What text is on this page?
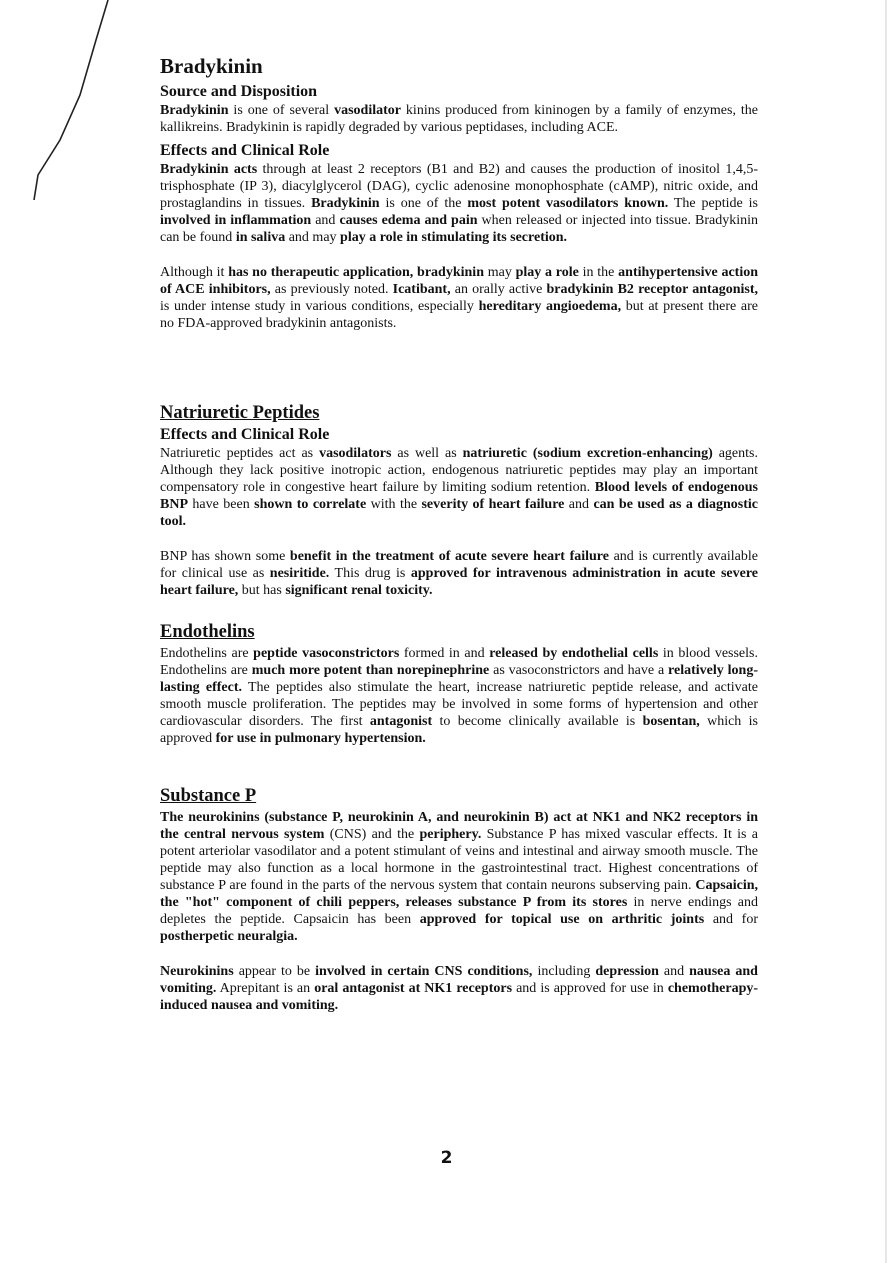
Bradykinin
Source and Disposition

Bradykinin is one of several vasodilator kinins produced from kininogen by a family of enzymes, the kallikreins. Bradykinin is rapidly degraded by various peptidases, including ACE.

Effects and Clinical Role

Bradykinin acts through at least 2 receptors (B1 and B2) and causes the production of inositol 1,4,5-trisphosphate (IP 3), diacylglycerol (DAG), cyclic adenosine monophosphate (cAMP), nitric oxide, and prostaglandins in tissues. Bradykinin is one of the most potent vasodilators known. The peptide is involved in inflammation and causes edema and pain when released or injected into tissue. Bradykinin can be found in saliva and may play a role in stimulating its secretion.

Although it has no therapeutic application, bradykinin may play a role in the antihypertensive action of ACE inhibitors, as previously noted. Icatibant, an orally active bradykinin B2 receptor antagonist, is under intense study in various conditions, especially hereditary angioedema, but at present there are no FDA-approved bradykinin antagonists.

Natriuretic Peptides
Effects and Clinical Role

Natriuretic peptides act as vasodilators as well as natriuretic (sodium excretion-enhancing) agents. Although they lack positive inotropic action, endogenous natriuretic peptides may play an important compensatory role in congestive heart failure by limiting sodium retention. Blood levels of endogenous BNP have been shown to correlate with the severity of heart failure and can be used as a diagnostic tool.

BNP has shown some benefit in the treatment of acute severe heart failure and is currently available for clinical use as nesiritide. This drug is approved for intravenous administration in acute severe heart failure, but has significant renal toxicity.

Endothelins

Endothelins are peptide vasoconstrictors formed in and released by endothelial cells in blood vessels. Endothelins are much more potent than norepinephrine as vasoconstrictors and have a relatively long-lasting effect. The peptides also stimulate the heart, increase natriuretic peptide release, and activate smooth muscle proliferation. The peptides may be involved in some forms of hypertension and other cardiovascular disorders. The first antagonist to become clinically available is bosentan, which is approved for use in pulmonary hypertension.

Substance P

The neurokinins (substance P, neurokinin A, and neurokinin B) act at NK1 and NK2 receptors in the central nervous system (CNS) and the periphery. Substance P has mixed vascular effects. It is a potent arteriolar vasodilator and a potent stimulant of veins and intestinal and airway smooth muscle. The peptide may also function as a local hormone in the gastrointestinal tract. Highest concentrations of substance P are found in the parts of the nervous system that contain neurons subserving pain. Capsaicin, the "hot" component of chili peppers, releases substance P from its stores in nerve endings and depletes the peptide. Capsaicin has been approved for topical use on arthritic joints and for postherpetic neuralgia.

Neurokinins appear to be involved in certain CNS conditions, including depression and nausea and vomiting. Aprepitant is an oral antagonist at NK1 receptors and is approved for use in chemotherapy-induced nausea and vomiting.

2
